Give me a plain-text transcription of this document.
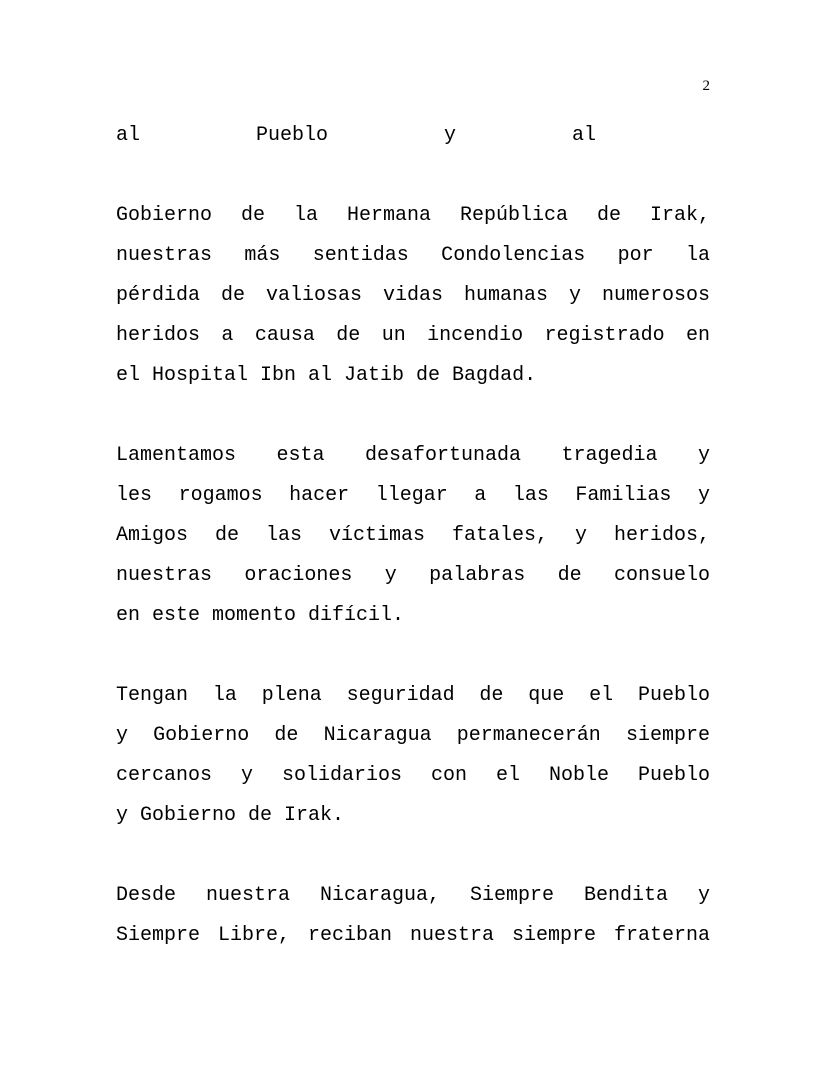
2
al	Pueblo	y	al
Gobierno de la Hermana República de Irak,
nuestras más sentidas Condolencias por la
pérdida de valiosas vidas humanas y numerosos
heridos a causa de un incendio registrado en
el Hospital Ibn al Jatib de Bagdad.
Lamentamos esta desafortunada tragedia y
les rogamos hacer llegar a las Familias y
Amigos de las víctimas fatales, y heridos,
nuestras oraciones y palabras de consuelo
en este momento difícil.
Tengan la plena seguridad de que el Pueblo
y Gobierno de Nicaragua permanecerán siempre
cercanos y solidarios con el Noble Pueblo
y Gobierno de Irak.
Desde nuestra Nicaragua, Siempre Bendita y
Siempre Libre, reciban nuestra siempre fraterna
